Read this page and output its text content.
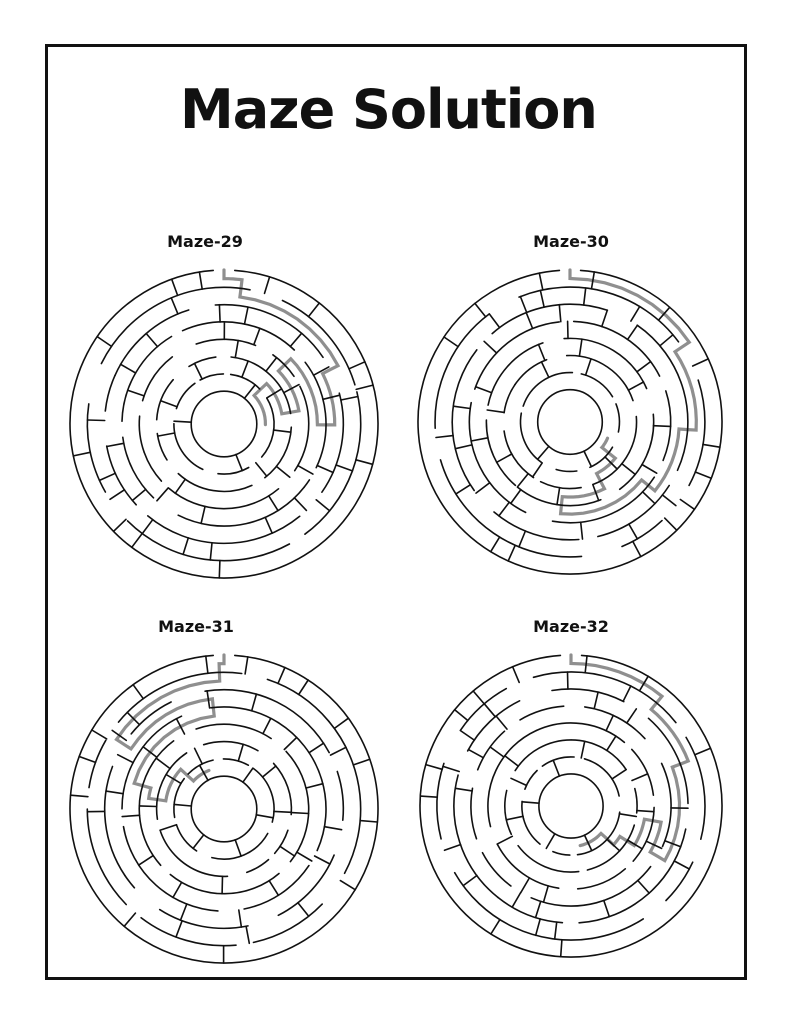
Maze Solution
Maze-29	Maze-30
Maze-31	Maze-32
